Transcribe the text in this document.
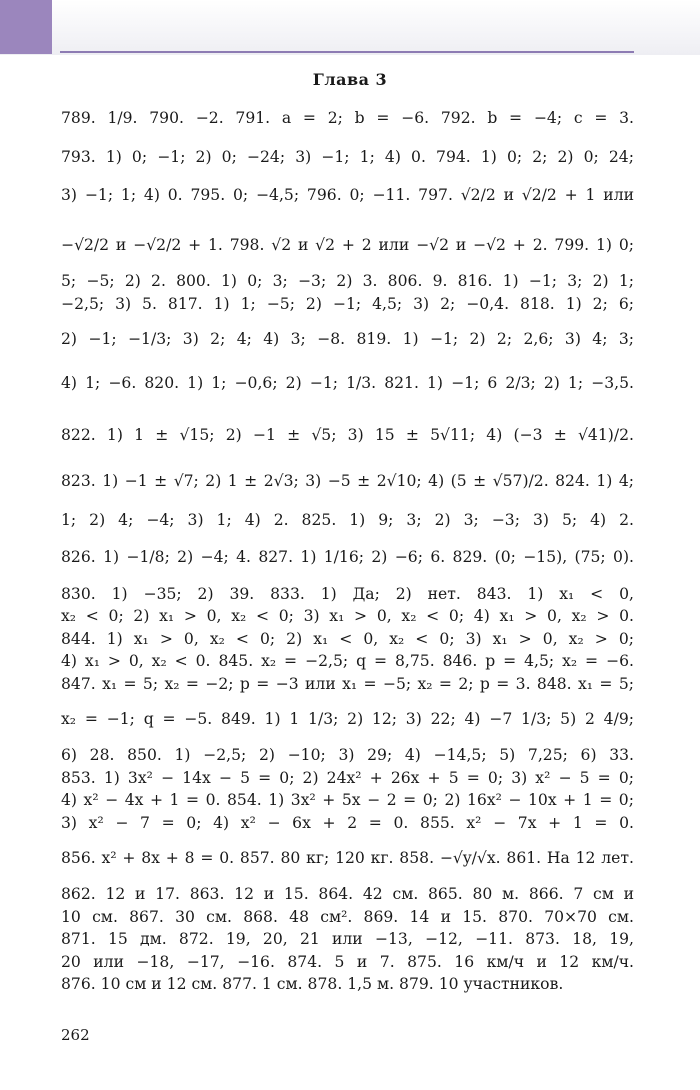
Глава 3
789. 1/9. 790. −2. 791. a = 2; b = −6. 792. b = −4; c = 3.
793. 1) 0; −1; 2) 0; −24; 3) −1; 1; 4) 0. 794. 1) 0; 2; 2) 0; 24;
3) −1; 1; 4) 0. 795. 0; −4,5; 796. 0; −11. 797. √2/2 и √2/2 + 1 или
−√2/2 и −√2/2 + 1. 798. √2 и √2 + 2 или −√2 и −√2 + 2. 799. 1) 0;
5; −5; 2) 2. 800. 1) 0; 3; −3; 2) 3. 806. 9. 816. 1) −1; 3; 2) 1;
−2,5; 3) 5. 817. 1) 1; −5; 2) −1; 4,5; 3) 2; −0,4. 818. 1) 2; 6;
2) −1; −1/3; 3) 2; 4; 4) 3; −8. 819. 1) −1; 2) 2; 2,6; 3) 4; 3;
4) 1; −6. 820. 1) 1; −0,6; 2) −1; 1/3. 821. 1) −1; 6 2/3; 2) 1; −3,5.
822. 1) 1 ± √15; 2) −1 ± √5; 3) 15 ± 5√11; 4) (−3 ± √41)/2.
823. 1) −1 ± √7; 2) 1 ± 2√3; 3) −5 ± 2√10; 4) (5 ± √57)/2. 824. 1) 4;
1; 2) 4; −4; 3) 1; 4) 2. 825. 1) 9; 3; 2) 3; −3; 3) 5; 4) 2.
826. 1) −1/8; 2) −4; 4. 827. 1) 1/16; 2) −6; 6. 829. (0; −15), (75; 0).
830. 1) −35; 2) 39. 833. 1) Да; 2) нет. 843. 1) x₁ < 0,
x₂ < 0; 2) x₁ > 0, x₂ < 0; 3) x₁ > 0, x₂ < 0; 4) x₁ > 0, x₂ > 0.
844. 1) x₁ > 0, x₂ < 0; 2) x₁ < 0, x₂ < 0; 3) x₁ > 0, x₂ > 0;
4) x₁ > 0, x₂ < 0. 845. x₂ = −2,5; q = 8,75. 846. p = 4,5; x₂ = −6.
847. x₁ = 5; x₂ = −2; p = −3 или x₁ = −5; x₂ = 2; p = 3. 848. x₁ = 5;
x₂ = −1; q = −5. 849. 1) 1 1/3; 2) 12; 3) 22; 4) −7 1/3; 5) 2 4/9;
6) 28. 850. 1) −2,5; 2) −10; 3) 29; 4) −14,5; 5) 7,25; 6) 33.
853. 1) 3x² − 14x − 5 = 0; 2) 24x² + 26x + 5 = 0; 3) x² − 5 = 0;
4) x² − 4x + 1 = 0. 854. 1) 3x² + 5x − 2 = 0; 2) 16x² − 10x + 1 = 0;
3) x² − 7 = 0; 4) x² − 6x + 2 = 0. 855. x² − 7x + 1 = 0.
856. x² + 8x + 8 = 0. 857. 80 кг; 120 кг. 858. −√y/√x. 861. На 12 лет.
862. 12 и 17. 863. 12 и 15. 864. 42 см. 865. 80 м. 866. 7 см и
10 см. 867. 30 см. 868. 48 см². 869. 14 и 15. 870. 70×70 см.
871. 15 дм. 872. 19, 20, 21 или −13, −12, −11. 873. 18, 19,
20 или −18, −17, −16. 874. 5 и 7. 875. 16 км/ч и 12 км/ч.
876. 10 см и 12 см. 877. 1 см. 878. 1,5 м. 879. 10 участников.
262
